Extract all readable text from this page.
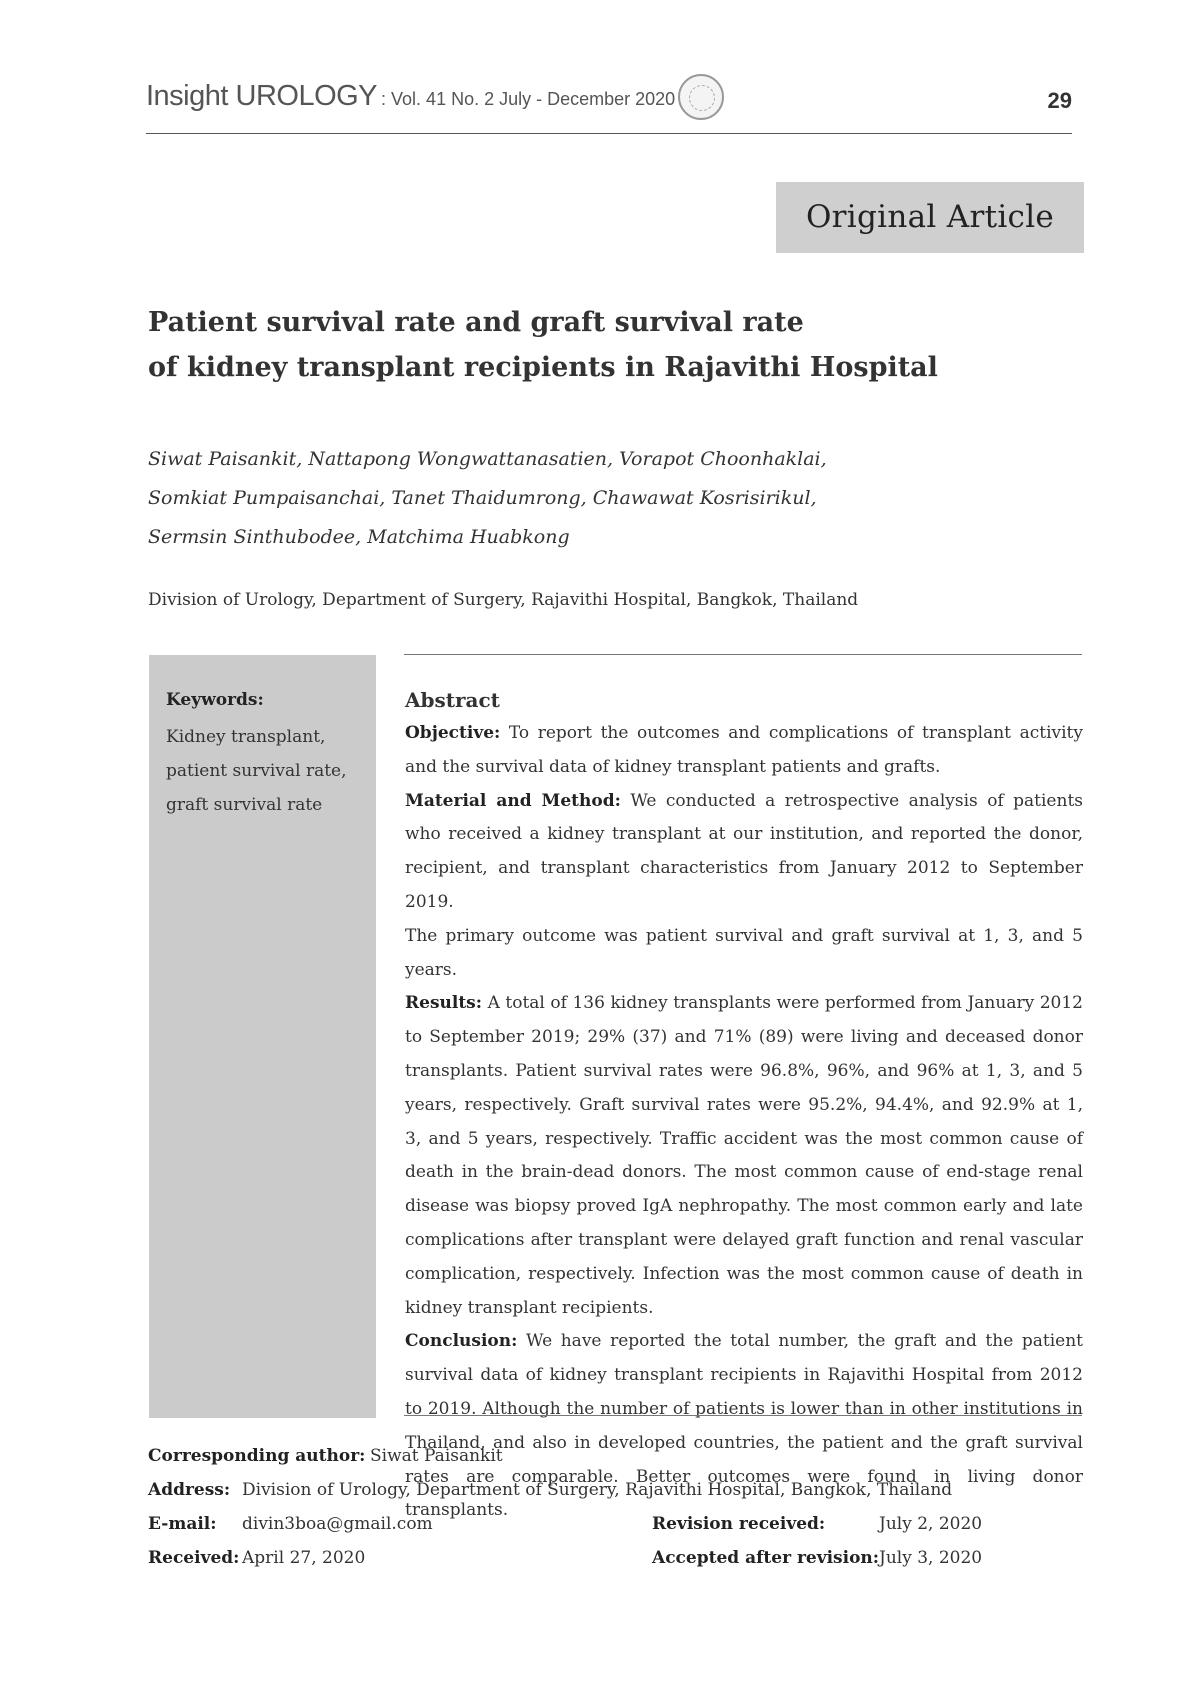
Insight UROLOGY : Vol. 41 No. 2 July - December 2020	29
Original Article
Patient survival rate and graft survival rate
of kidney transplant recipients in Rajavithi Hospital
Siwat Paisankit, Nattapong Wongwattanasatien, Vorapot Choonhaklai,
Somkiat Pumpaisanchai, Tanet Thaidumrong, Chawawat Kosrisirikul,
Sermsin Sinthubodee, Matchima Huabkong
Division of Urology, Department of Surgery, Rajavithi Hospital, Bangkok, Thailand
Keywords:
Kidney transplant,
patient survival rate,
graft survival rate
Abstract

Objective: To report the outcomes and complications of transplant activity and the survival data of kidney transplant patients and grafts.

Material and Method: We conducted a retrospective analysis of patients who received a kidney transplant at our institution, and reported the donor, recipient, and transplant characteristics from January 2012 to September 2019.

The primary outcome was patient survival and graft survival at 1, 3, and 5 years.

Results: A total of 136 kidney transplants were performed from January 2012 to September 2019; 29% (37) and 71% (89) were living and deceased donor transplants. Patient survival rates were 96.8%, 96%, and 96% at 1, 3, and 5 years, respectively. Graft survival rates were 95.2%, 94.4%, and 92.9% at 1, 3, and 5 years, respectively. Traffic accident was the most common cause of death in the brain-dead donors. The most common cause of end-stage renal disease was biopsy proved IgA nephropathy. The most common early and late complications after transplant were delayed graft function and renal vascular complication, respectively. Infection was the most common cause of death in kidney transplant recipients.

Conclusion: We have reported the total number, the graft and the patient survival data of kidney transplant recipients in Rajavithi Hospital from 2012 to 2019. Although the number of patients is lower than in other institutions in Thailand, and also in developed countries, the patient and the graft survival rates are comparable. Better outcomes were found in living donor transplants.

Corresponding author: Siwat Paisankit
Address: Division of Urology, Department of Surgery, Rajavithi Hospital, Bangkok, Thailand
E-mail: divin3boa@gmail.com
Received: April 27, 2020
Revision received:	July 2, 2020
Accepted after revision:July 3, 2020
